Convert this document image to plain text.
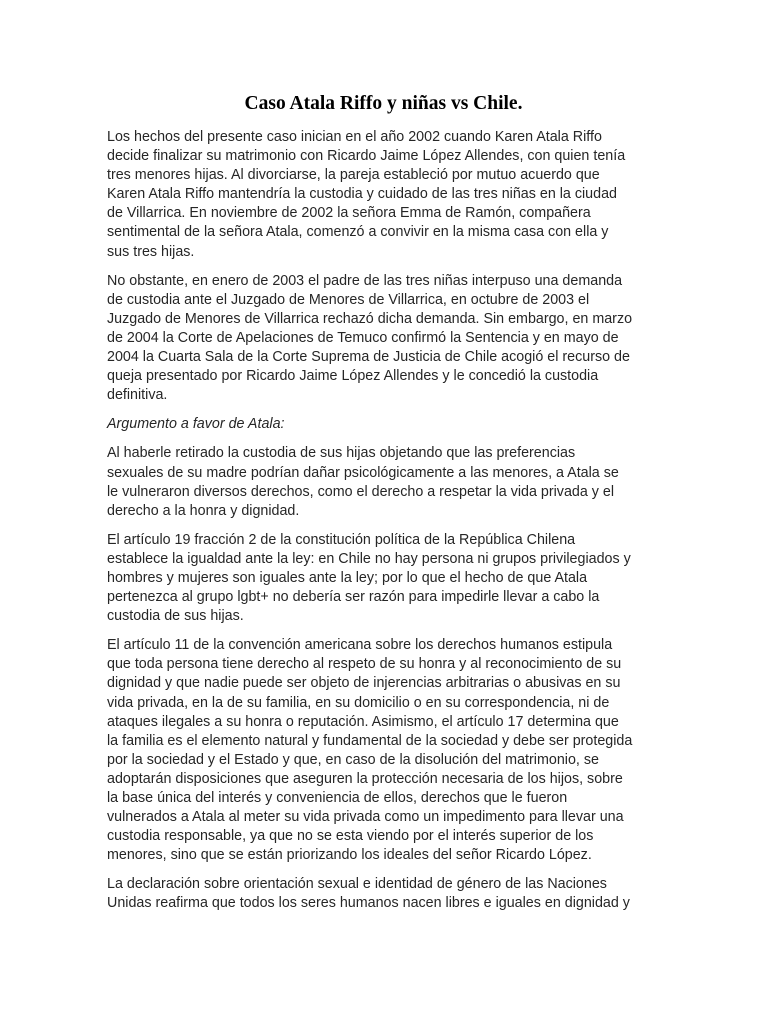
Caso Atala Riffo y niñas vs Chile.

Los hechos del presente caso inician en el año 2002 cuando Karen Atala Riffo
decide finalizar su matrimonio con Ricardo Jaime López Allendes, con quien tenía
tres menores hijas. Al divorciarse, la pareja estableció por mutuo acuerdo que
Karen Atala Riffo mantendría la custodia y cuidado de las tres niñas en la ciudad
de Villarrica. En noviembre de 2002 la señora Emma de Ramón, compañera
sentimental de la señora Atala, comenzó a convivir en la misma casa con ella y
sus tres hijas.

No obstante, en enero de 2003 el padre de las tres niñas interpuso una demanda
de custodia ante el Juzgado de Menores de Villarrica, en octubre de 2003 el
Juzgado de Menores de Villarrica rechazó dicha demanda. Sin embargo, en marzo
de 2004 la Corte de Apelaciones de Temuco confirmó la Sentencia y en mayo de
2004 la Cuarta Sala de la Corte Suprema de Justicia de Chile acogió el recurso de
queja presentado por Ricardo Jaime López Allendes y le concedió la custodia
definitiva.

Argumento a favor de Atala:

Al haberle retirado la custodia de sus hijas objetando que las preferencias
sexuales de su madre podrían dañar psicológicamente a las menores, a Atala se
le vulneraron diversos derechos, como el derecho a respetar la vida privada y el
derecho a la honra y dignidad.

El artículo 19 fracción 2 de la constitución política de la República Chilena
establece la igualdad ante la ley: en Chile no hay persona ni grupos privilegiados y
hombres y mujeres son iguales ante la ley; por lo que el hecho de que Atala
pertenezca al grupo lgbt+ no debería ser razón para impedirle llevar a cabo la
custodia de sus hijas.

El artículo 11 de la convención americana sobre los derechos humanos estipula
que toda persona tiene derecho al respeto de su honra y al reconocimiento de su
dignidad y que nadie puede ser objeto de injerencias arbitrarias o abusivas en su
vida privada, en la de su familia, en su domicilio o en su correspondencia, ni de
ataques ilegales a su honra o reputación. Asimismo, el artículo 17 determina que
la familia es el elemento natural y fundamental de la sociedad y debe ser protegida
por la sociedad y el Estado y que, en caso de la disolución del matrimonio, se
adoptarán disposiciones que aseguren la protección necesaria de los hijos, sobre
la base única del interés y conveniencia de ellos, derechos que le fueron
vulnerados a Atala al meter su vida privada como un impedimento para llevar una
custodia responsable, ya que no se esta viendo por el interés superior de los
menores, sino que se están priorizando los ideales del señor Ricardo López.

La declaración sobre orientación sexual e identidad de género de las Naciones
Unidas reafirma que todos los seres humanos nacen libres e iguales en dignidad y
